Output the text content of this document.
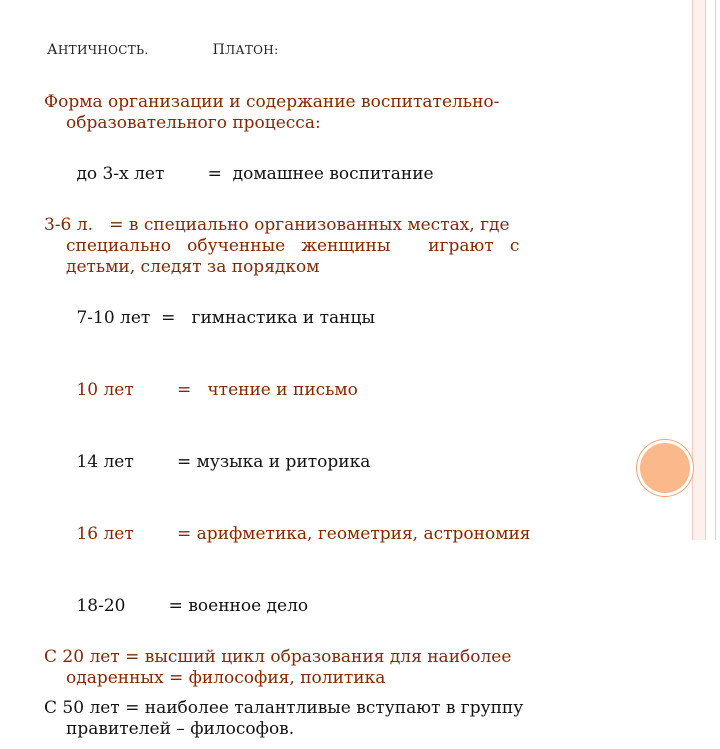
АНТИЧНОСТЬ.	ПЛАТОН:
Форма организации и содержание воспитательно-
образовательного процесса:

до 3-х лет        =  домашнее воспитание

3-6 л.   = в специально организованных местах, где
специально   обученные   женщины       играют   с
детьми, следят за порядком

7-10 лет  =   гимнастика и танцы

10 лет        =   чтение и письмо

14 лет        = музыка и риторика

16 лет        = арифметика, геометрия, астрономия

18-20        = военное дело

С 20 лет = высший цикл образования для наиболее
одаренных = философия, политика
С 50 лет = наиболее талантливые вступают в группу
правителей – философов.
